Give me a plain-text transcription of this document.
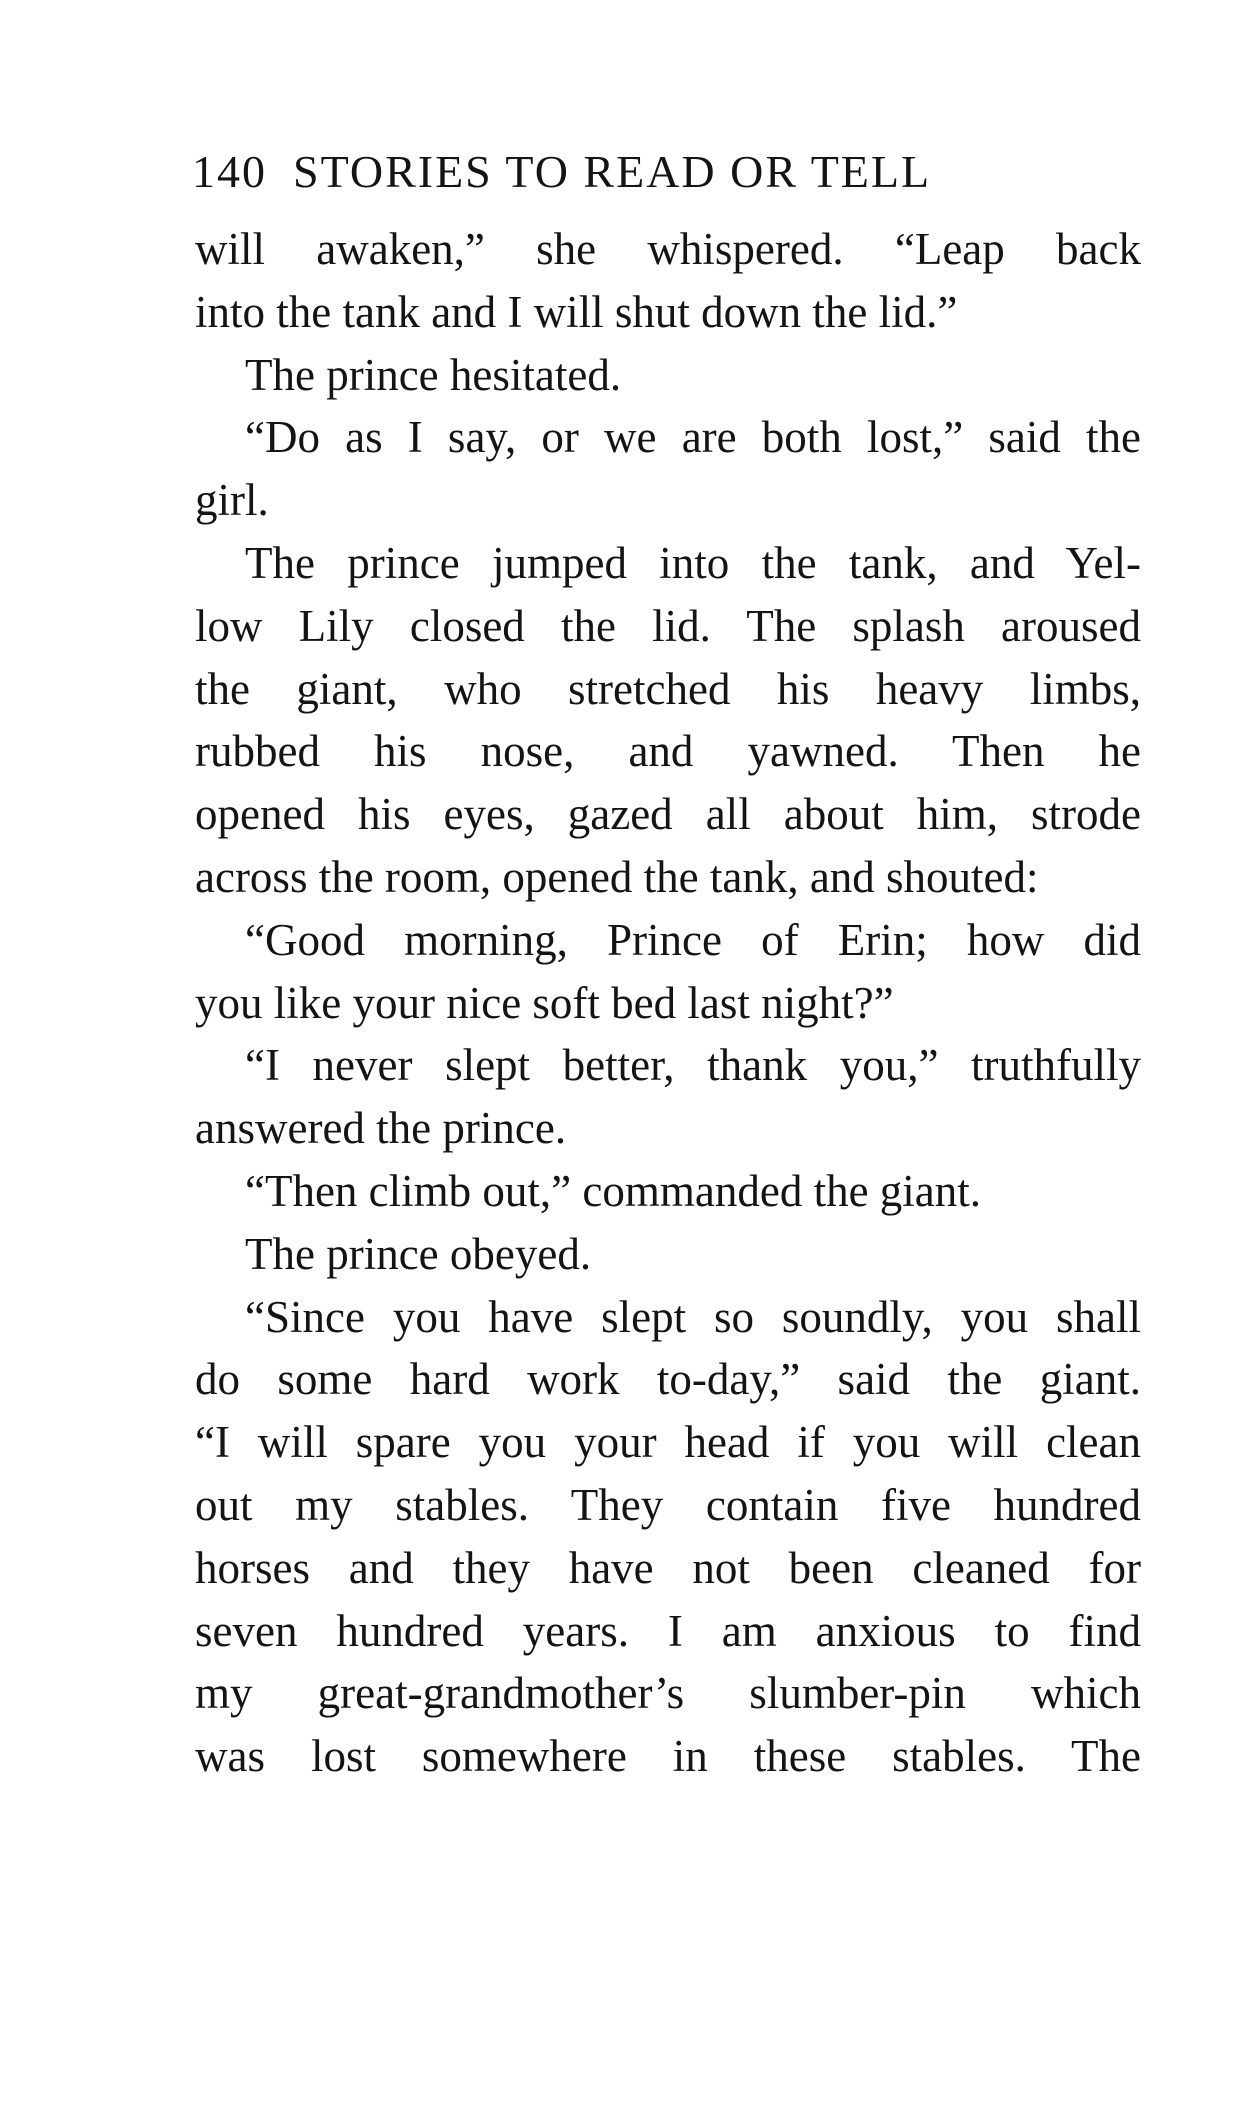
140 STORIES TO READ OR TELL
will awaken,” she whispered. “Leap back
into the tank and I will shut down the lid.”
The prince hesitated.
“Do as I say, or we are both lost,” said the
girl.
The prince jumped into the tank, and Yel-
low Lily closed the lid. The splash aroused
the giant, who stretched his heavy limbs,
rubbed his nose, and yawned. Then he
opened his eyes, gazed all about him, strode
across the room, opened the tank, and shouted:
“Good morning, Prince of Erin; how did
you like your nice soft bed last night?”
“I never slept better, thank you,” truthfully
answered the prince.
“Then climb out,” commanded the giant.
The prince obeyed.
“Since you have slept so soundly, you shall
do some hard work to-day,” said the giant.
“I will spare you your head if you will clean
out my stables. They contain five hundred
horses and they have not been cleaned for
seven hundred years. I am anxious to find
my great-grandmother’s slumber-pin which
was lost somewhere in these stables. The
